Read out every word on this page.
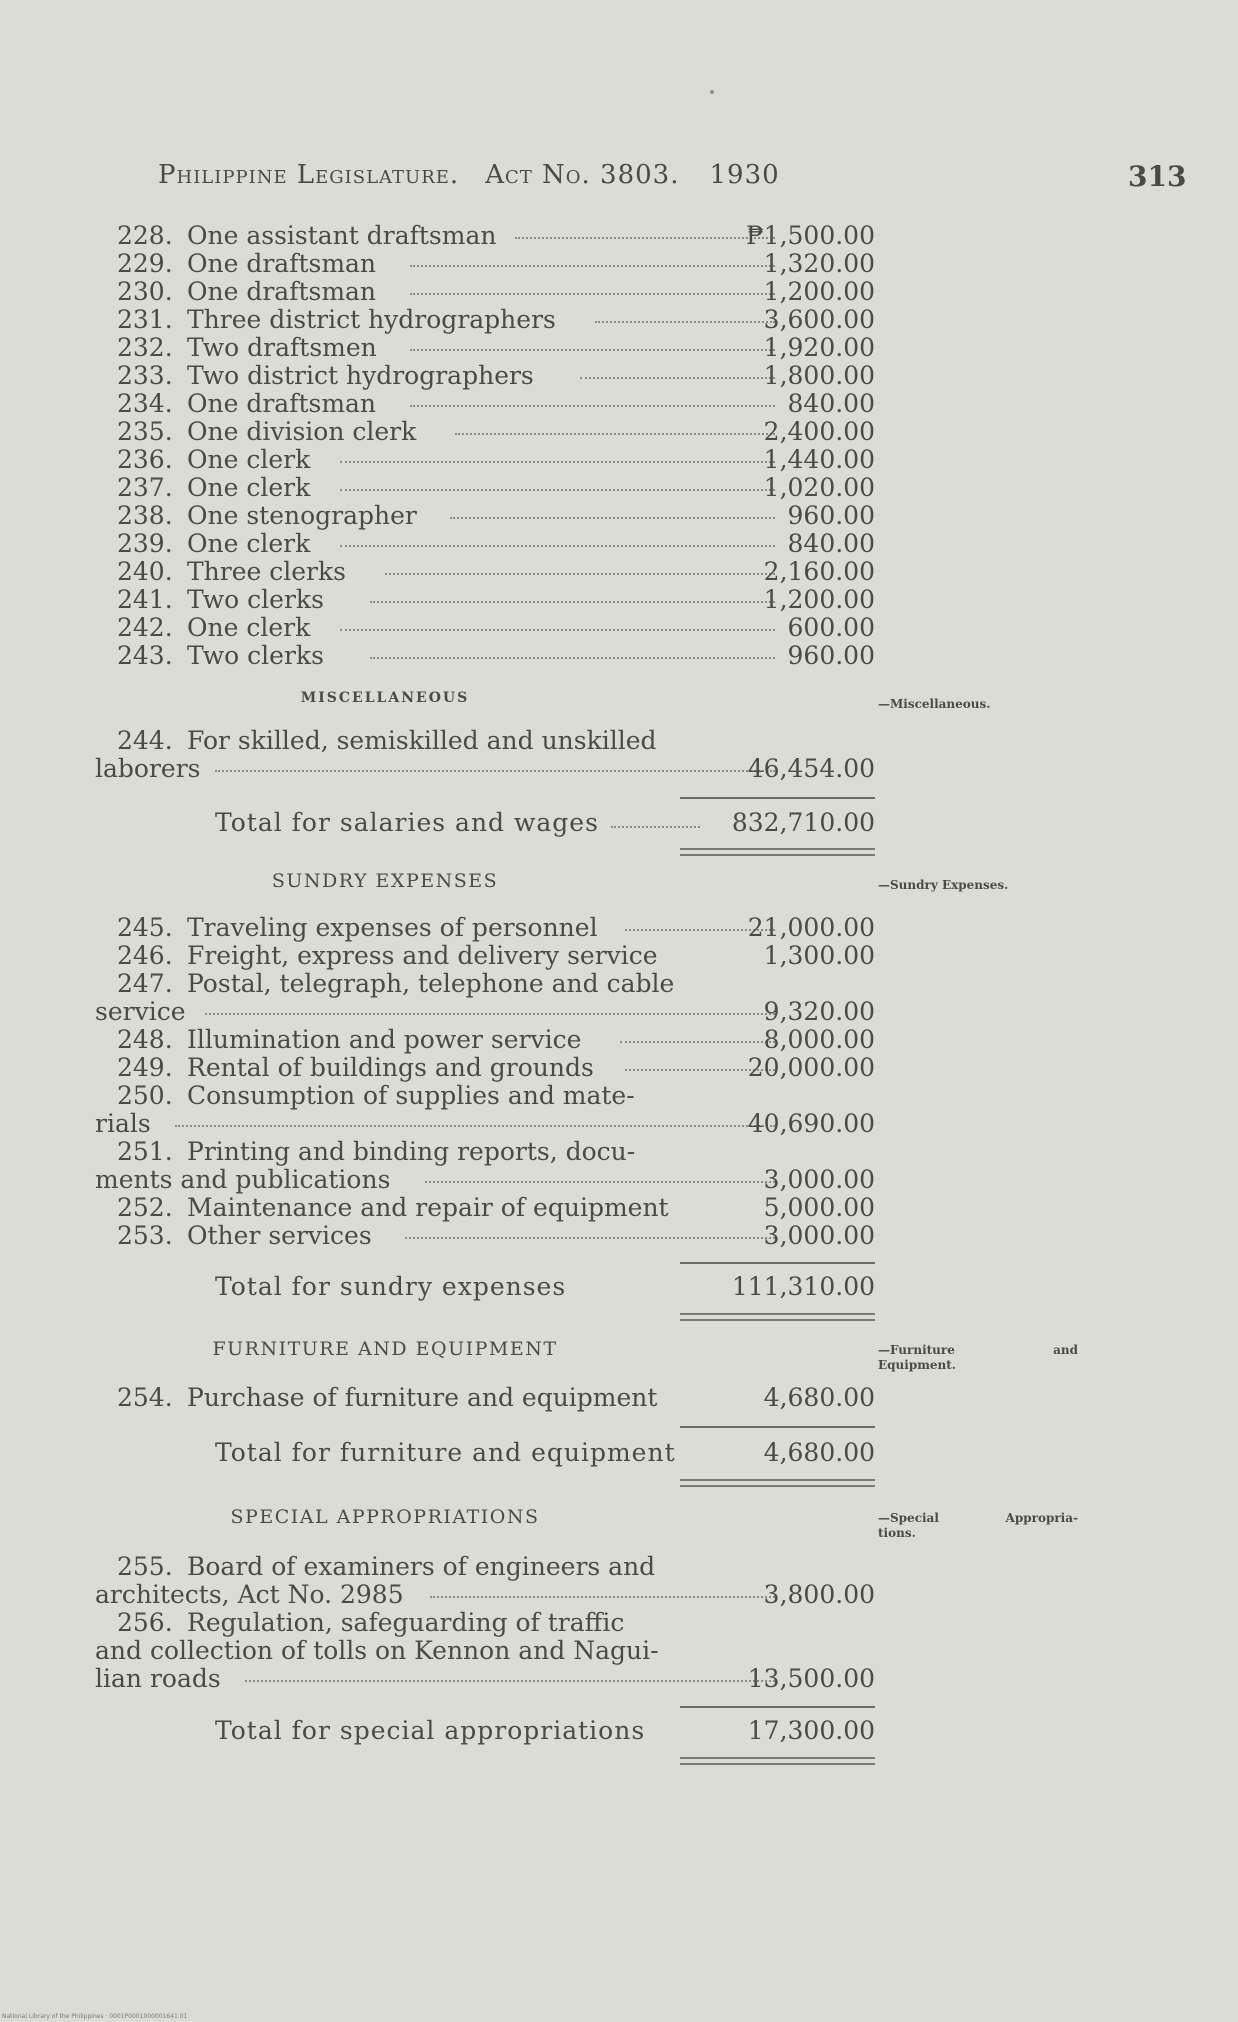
Philippine Legislature. Act No. 3803. 1930	313
228. One assistant draftsman	₱1,500.00
229. One draftsman	1,320.00
230. One draftsman	1,200.00
231. Three district hydrographers	3,600.00
232. Two draftsmen	1,920.00
233. Two district hydrographers	1,800.00
234. One draftsman	840.00
235. One division clerk	2,400.00
236. One clerk	1,440.00
237. One clerk	1,020.00
238. One stenographer	960.00
239. One clerk	840.00
240. Three clerks	2,160.00
241. Two clerks	1,200.00
242. One clerk	600.00
243. Two clerks	960.00
MISCELLANEOUS	—Miscellaneous.
244. For skilled, semiskilled and unskilled
laborers	46,454.00
Total for salaries and wages	832,710.00
SUNDRY EXPENSES	—Sundry Expenses.
245. Traveling expenses of personnel	21,000.00
246. Freight, express and delivery service	1,300.00
247. Postal, telegraph, telephone and cable
service	9,320.00
248. Illumination and power service	8,000.00
249. Rental of buildings and grounds	20,000.00
250. Consumption of supplies and mate-
rials	40,690.00
251. Printing and binding reports, docu-
ments and publications	3,000.00
252. Maintenance and repair of equipment	5,000.00
253. Other services	3,000.00
Total for sundry expenses	111,310.00
FURNITURE AND EQUIPMENT	—Furniture	and

Equipment.
254. Purchase of furniture and equipment	4,680.00
Total for furniture and equipment	4,680.00
SPECIAL APPROPRIATIONS	—Special	Appropria-

tions.
255. Board of examiners of engineers and
architects, Act No. 2985	3,800.00
256. Regulation, safeguarding of traffic
and collection of tolls on Kennon and Nagui-
lian roads	13,500.00
Total for special appropriations	17,300.00
National Library of the Philippines · 0001P0001000001641.01
